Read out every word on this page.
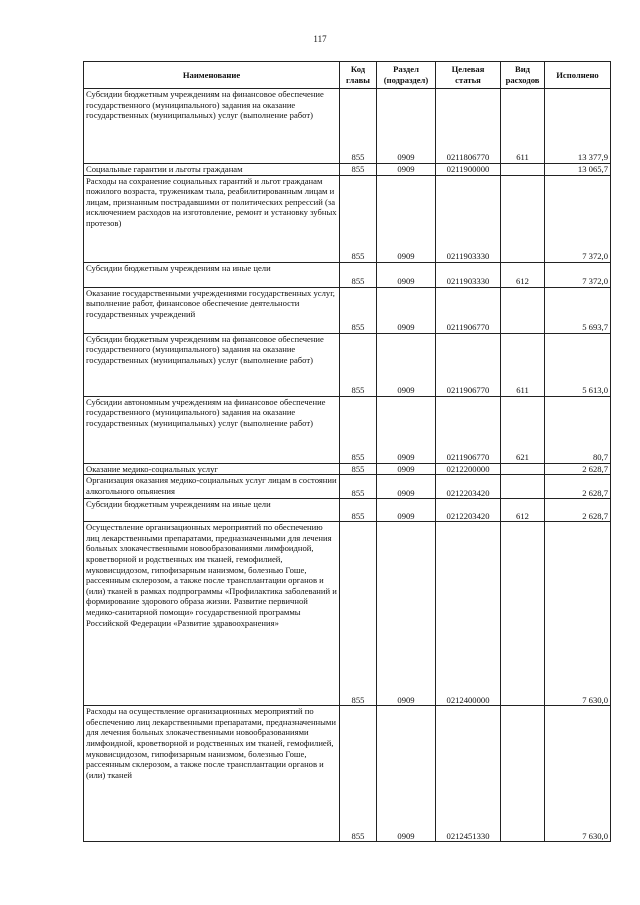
117
Наименование	Код главы	Раздел (подраздел)	Целевая статья	Вид расходов	Исполнено
Субсидии бюджетным учреждениям на финансовое обеспечение государственного (муниципального) задания на оказание государственных (муниципальных) услуг (выполнение работ)	855	0909	0211806770	611	13 377,9
Социальные гарантии и льготы гражданам	855	0909	0211900000		13 065,7
Расходы на сохранение социальных гарантий и льгот гражданам пожилого возраста, труженикам тыла, реабилитированным лицам и лицам, признанным пострадавшими от политических репрессий (за исключением расходов на изготовление, ремонт и установку зубных протезов)	855	0909	0211903330		7 372,0
Субсидии бюджетным учреждениям на иные цели	855	0909	0211903330	612	7 372,0
Оказание государственными учреждениями государственных услуг, выполнение работ, финансовое обеспечение деятельности государственных учреждений	855	0909	0211906770		5 693,7
Субсидии бюджетным учреждениям на финансовое обеспечение государственного (муниципального) задания на оказание государственных (муниципальных) услуг (выполнение работ)	855	0909	0211906770	611	5 613,0
Субсидии автономным учреждениям на финансовое обеспечение государственного (муниципального) задания на оказание государственных (муниципальных) услуг (выполнение работ)	855	0909	0211906770	621	80,7
Оказание медико-социальных услуг	855	0909	0212200000		2 628,7
Организация оказания медико-социальных услуг лицам в состоянии алкогольного опьянения	855	0909	0212203420		2 628,7
Субсидии бюджетным учреждениям на иные цели	855	0909	0212203420	612	2 628,7
Осуществление организационных мероприятий по обеспечению лиц лекарственными препаратами, предназначенными для лечения больных злокачественными новообразованиями лимфоидной, кроветворной и родственных им тканей, гемофилией, муковисцидозом, гипофизарным нанизмом, болезнью Гоше, рассеянным склерозом, а также после трансплантации органов и (или) тканей в рамках подпрограммы «Профилактика заболеваний и формирование здорового образа жизни. Развитие первичной медико-санитарной помощи» государственной программы Российской Федерации «Развитие здравоохранения»	855	0909	0212400000		7 630,0
Расходы на осуществление организационных мероприятий по обеспечению лиц лекарственными препаратами, предназначенными для лечения больных злокачественными новообразованиями лимфоидной, кроветворной и родственных им тканей, гемофилией, муковисцидозом, гипофизарным нанизмом, болезнью Гоше, рассеянным склерозом, а также после трансплантации органов и (или) тканей	855	0909	0212451330		7 630,0
